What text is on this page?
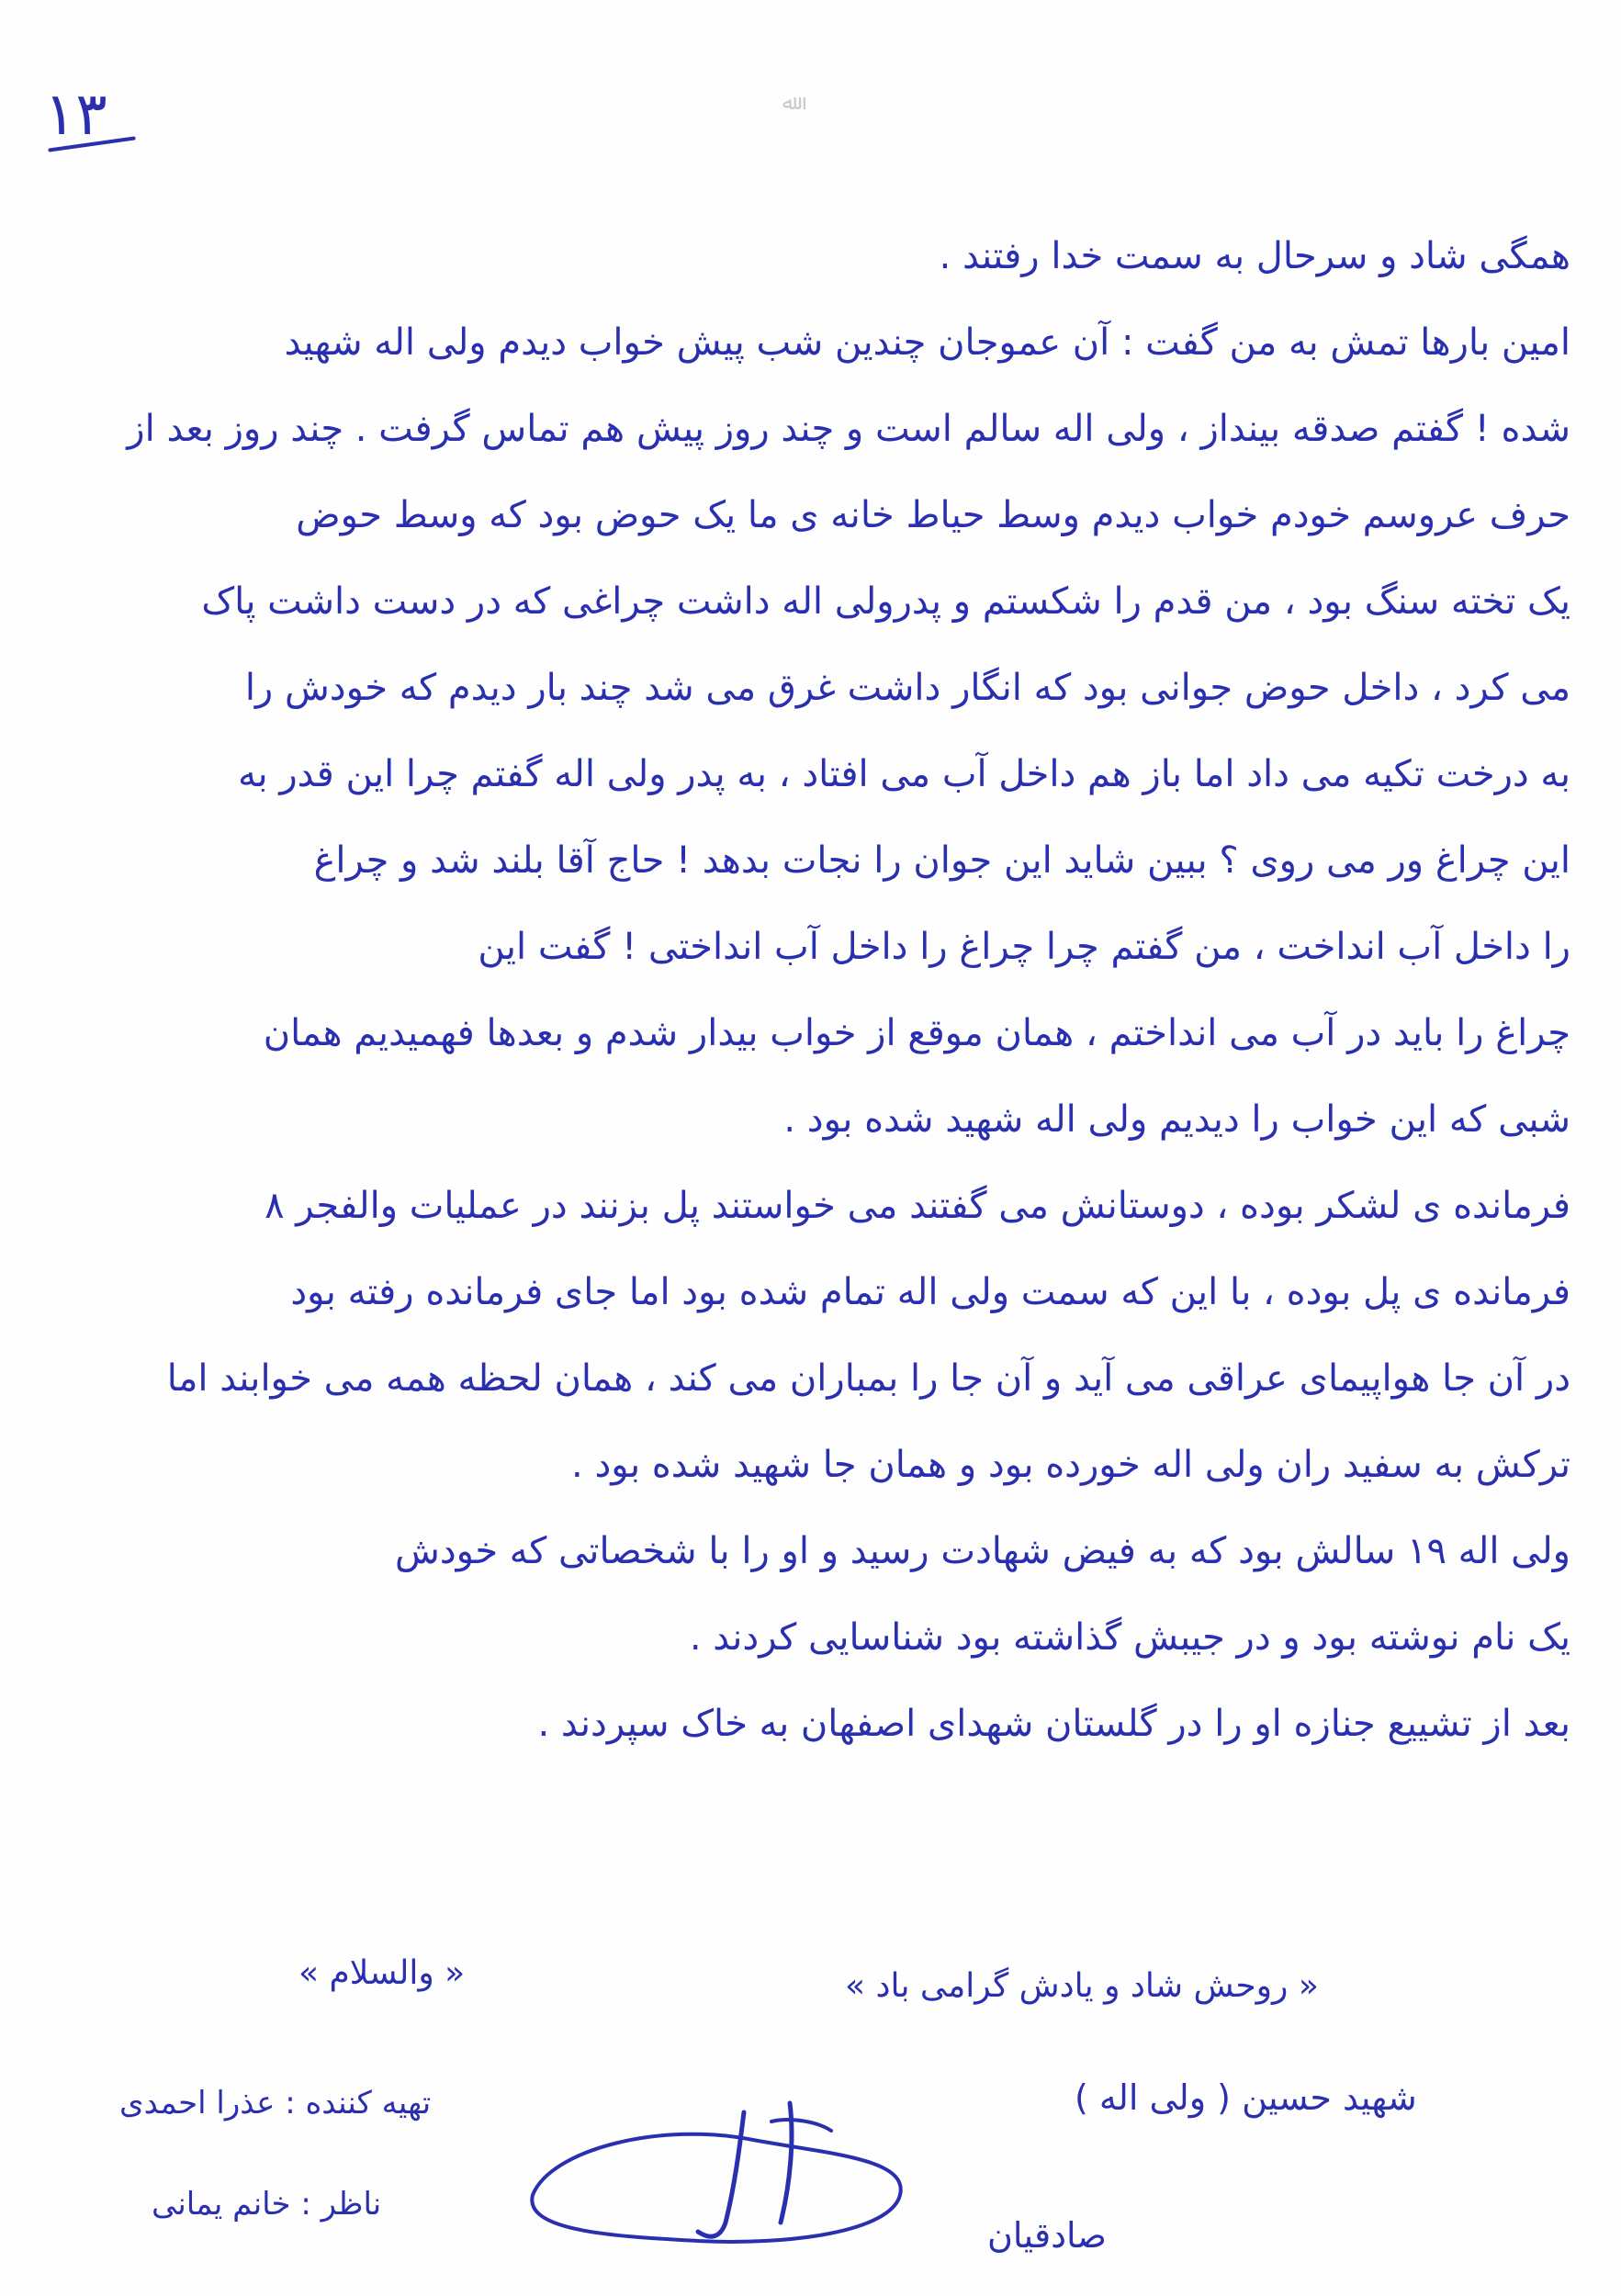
۱۳	ﷲ
همگی شاد و سرحال به سمت خدا رفتند .
امین بارها تمش به من گفت : آن عموجان چندین شب پیش خواب دیدم ولی اله شهید
شده ! گفتم صدقه بینداز ، ولی اله سالم است و چند روز پیش هم تماس گرفت . چند روز بعد از
حرف عروسم خودم خواب دیدم وسط حیاط خانه ی ما یک حوض بود که وسط حوض
یک تخته سنگ بود ، من قدم را شکستم و پدرولی اله داشت چراغی که در دست داشت پاک
می کرد ، داخل حوض جوانی بود که انگار داشت غرق می شد چند بار دیدم که خودش را
به درخت تکیه می داد اما باز هم داخل آب می افتاد ، به پدر ولی اله گفتم چرا این قدر به
این چراغ ور می روی ؟ ببین شاید این جوان را نجات بدهد ! حاج آقا بلند شد و چراغ
را داخل آب انداخت ، من گفتم چرا چراغ را داخل آب انداختی ! گفت این
چراغ را باید در آب می انداختم ، همان موقع از خواب بیدار شدم و بعدها فهمیدیم همان
شبی که این خواب را دیدیم ولی اله شهید شده بود .
فرمانده ی لشکر بوده ، دوستانش می گفتند می خواستند پل بزنند در عملیات والفجر ۸
فرمانده ی پل بوده ، با این که سمت ولی اله تمام شده بود اما جای فرمانده رفته بود
در آن جا هواپیمای عراقی می آید و آن جا را بمباران می کند ، همان لحظه همه می خوابند اما
ترکش به سفید ران ولی اله خورده بود و همان جا شهید شده بود .
ولی اله ۱۹ سالش بود که به فیض شهادت رسید و او را با شخصاتی که خودش
یک نام نوشته بود و در جیبش گذاشته بود شناسایی کردند .
بعد از تشییع جنازه او را در گلستان شهدای اصفهان به خاک سپردند .
« والسلام »	« روحش شاد و یادش گرامی باد »
تهیه کننده : عذرا احمدی
ناظر : خانم یمانی
شهید حسین ( ولی اله )
صادقیان
